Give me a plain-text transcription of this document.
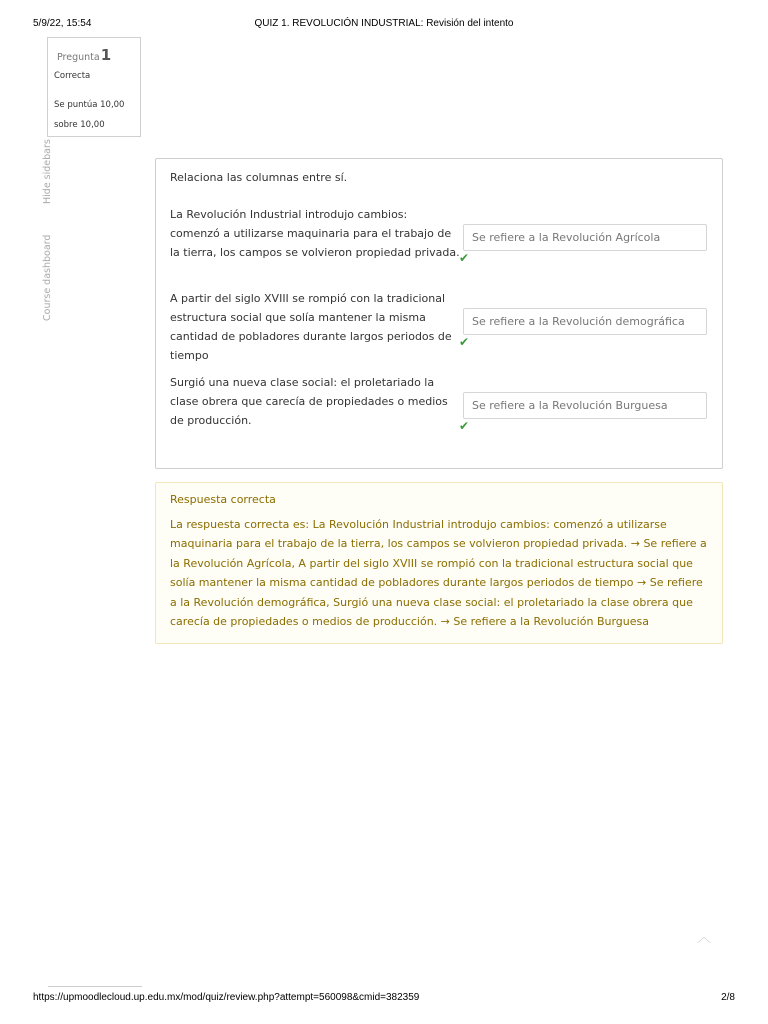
5/9/22, 15:54	QUIZ 1. REVOLUCIÓN INDUSTRIAL: Revisión del intento
Pregunta1
Correcta
Se puntúa 10,00 sobre 10,00
Hide sidebars
Course dashboard
Relaciona las columnas entre sí.
La Revolución Industrial introdujo cambios: comenzó a utilizarse maquinaria para el trabajo de la tierra, los campos se volvieron propiedad privada.
Se refiere a la Revolución Agrícola
✔
A partir del siglo XVIII se rompió con la tradicional estructura social que solía mantener la misma cantidad de pobladores durante largos periodos de tiempo
Se refiere a la Revolución demográfica
✔
Surgió una nueva clase social: el proletariado la clase obrera que carecía de propiedades o medios de producción.
Se refiere a la Revolución Burguesa
✔
Respuesta correcta
La respuesta correcta es: La Revolución Industrial introdujo cambios: comenzó a utilizarse maquinaria para el trabajo de la tierra, los campos se volvieron propiedad privada. → Se refiere a la Revolución Agrícola, A partir del siglo XVIII se rompió con la tradicional estructura social que solía mantener la misma cantidad de pobladores durante largos periodos de tiempo → Se refiere a la Revolución demográfica, Surgió una nueva clase social: el proletariado la clase obrera que carecía de propiedades o medios de producción. → Se refiere a la Revolución Burguesa
︿
https://upmoodlecloud.up.edu.mx/mod/quiz/review.php?attempt=560098&cmid=382359	2/8
